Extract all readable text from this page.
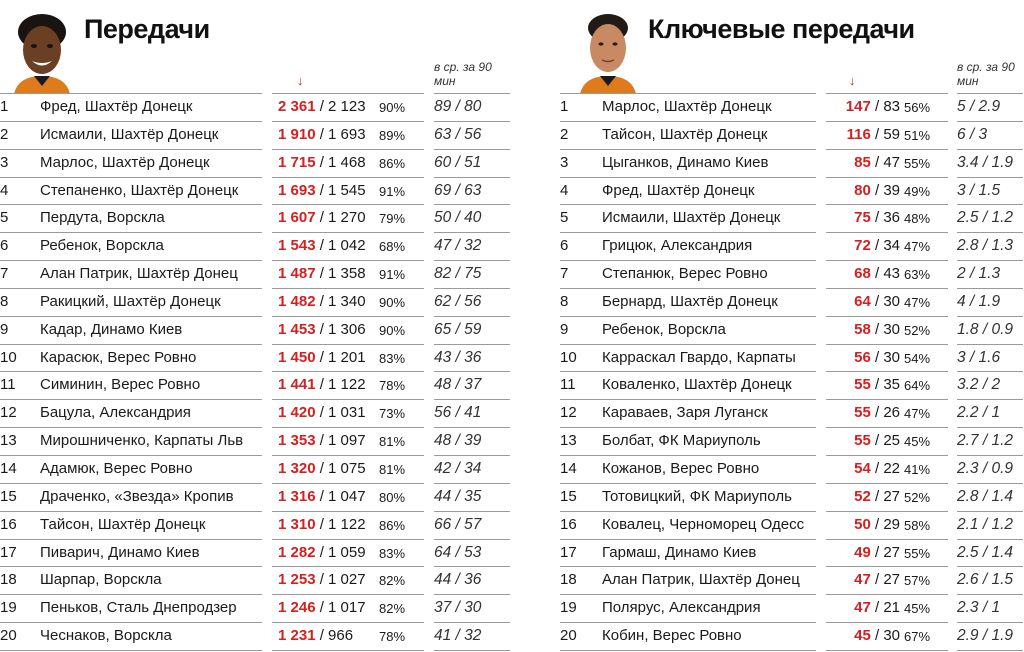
Передачи
↓
в ср. за 90 мин
1 Фред, Шахтёр Донецк	2 361 / 2 123 90% 89 / 80
2 Исмаили, Шахтёр Донецк	1 910 / 1 693 89% 63 / 56
3 Марлос, Шахтёр Донецк	1 715 / 1 468 86% 60 / 51
4 Степаненко, Шахтёр Донецк	1 693 / 1 545 91% 69 / 63
5 Пердута, Ворскла	1 607 / 1 270 79% 50 / 40
6 Ребенок, Ворскла	1 543 / 1 042 68% 47 / 32
7 Алан Патрик, Шахтёр Донец	1 487 / 1 358 91% 82 / 75
8 Ракицкий, Шахтёр Донецк	1 482 / 1 340 90% 62 / 56
9 Кадар, Динамо Киев	1 453 / 1 306 90% 65 / 59
10 Карасюк, Верес Ровно	1 450 / 1 201 83% 43 / 36
11 Симинин, Верес Ровно	1 441 / 1 122 78% 48 / 37
12 Бацула, Александрия	1 420 / 1 031 73% 56 / 41
13 Мирошниченко, Карпаты Льв 1 353 / 1 097 81% 48 / 39
14 Адамюк, Верес Ровно	1 320 / 1 075 81% 42 / 34
15 Драченко, «Звезда» Кропив	1 316 / 1 047 80% 44 / 35
16 Тайсон, Шахтёр Донецк	1 310 / 1 122 86% 66 / 57
17 Пиварич, Динамо Киев	1 282 / 1 059 83% 64 / 53
18 Шарпар, Ворскла	1 253 / 1 027 82% 44 / 36
19 Пеньков, Сталь Днепродзер	1 246 / 1 017 82% 37 / 30
20 Чеснаков, Ворскла	1 231 / 966 78% 41 / 32
Ключевые передачи
↓
в ср. за 90 мин
1 Марлос, Шахтёр Донецк	147 / 83 56% 5 / 2.9
2 Тайсон, Шахтёр Донецк	116 / 59 51% 6 / 3
3 Цыганков, Динамо Киев	85 / 47 55% 3.4 / 1.9
4 Фред, Шахтёр Донецк	80 / 39 49% 3 / 1.5
5 Исмаили, Шахтёр Донецк	75 / 36 48% 2.5 / 1.2
6 Грицюк, Александрия	72 / 34 47% 2.8 / 1.3
7 Степанюк, Верес Ровно	68 / 43 63% 2 / 1.3
8 Бернард, Шахтёр Донецк	64 / 30 47% 4 / 1.9
9 Ребенок, Ворскла	58 / 30 52% 1.8 / 0.9
10 Карраскал Гвардо, Карпаты	56 / 30 54% 3 / 1.6
11 Коваленко, Шахтёр Донецк	55 / 35 64% 3.2 / 2
12 Караваев, Заря Луганск	55 / 26 47% 2.2 / 1
13 Болбат, ФК Мариуполь	55 / 25 45% 2.7 / 1.2
14 Кожанов, Верес Ровно	54 / 22 41% 2.3 / 0.9
15 Тотовицкий, ФК Мариуполь	52 / 27 52% 2.8 / 1.4
16 Ковалец, Черноморец Одесс	50 / 29 58% 2.1 / 1.2
17 Гармаш, Динамо Киев	49 / 27 55% 2.5 / 1.4
18 Алан Патрик, Шахтёр Донец	47 / 27 57% 2.6 / 1.5
19 Полярус, Александрия	47 / 21 45% 2.3 / 1
20 Кобин, Верес Ровно	45 / 30 67% 2.9 / 1.9
